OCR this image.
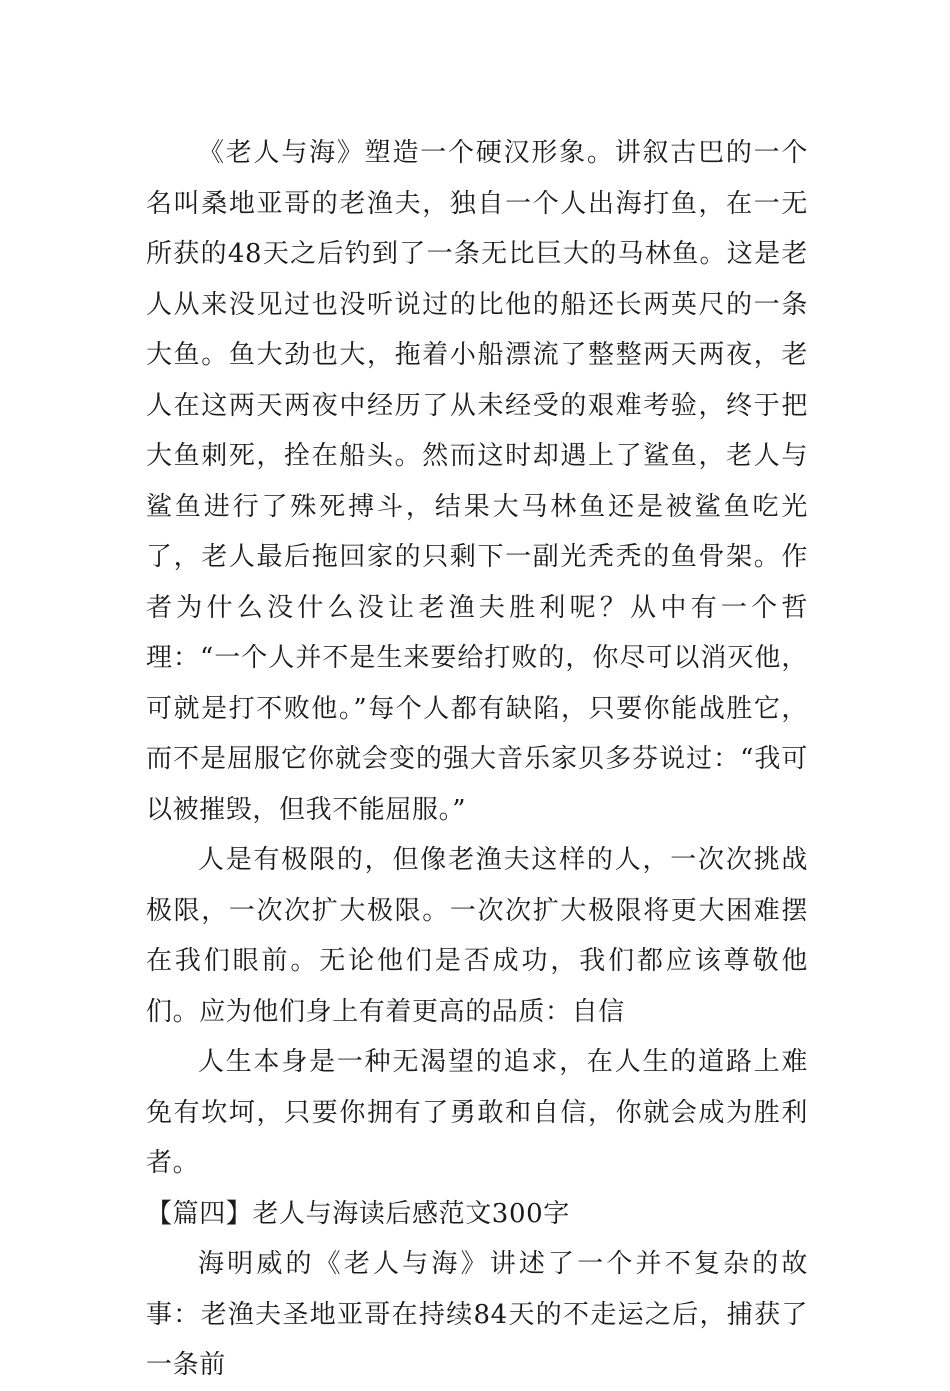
《老人与海》塑造一个硬汉形象。讲叙古巴的一个名叫桑地亚哥的老渔夫，独自一个人出海打鱼，在一无所获的48天之后钓到了一条无比巨大的马林鱼。这是老人从来没见过也没听说过的比他的船还长两英尺的一条大鱼。鱼大劲也大，拖着小船漂流了整整两天两夜，老人在这两天两夜中经历了从未经受的艰难考验，终于把大鱼刺死，拴在船头。然而这时却遇上了鲨鱼，老人与鲨鱼进行了殊死搏斗，结果大马林鱼还是被鲨鱼吃光了，老人最后拖回家的只剩下一副光秃秃的鱼骨架。作者为什么没什么没让老渔夫胜利呢？从中有一个哲理：“一个人并不是生来要给打败的，你尽可以消灭他，可就是打不败他。”每个人都有缺陷，只要你能战胜它，而不是屈服它你就会变的强大音乐家贝多芬说过：“我可以被摧毁，但我不能屈服。”

人是有极限的，但像老渔夫这样的人，一次次挑战极限，一次次扩大极限。一次次扩大极限将更大困难摆在我们眼前。无论他们是否成功，我们都应该尊敬他们。应为他们身上有着更高的品质：自信

人生本身是一种无渴望的追求，在人生的道路上难免有坎坷，只要你拥有了勇敢和自信，你就会成为胜利者。

【篇四】老人与海读后感范文300字

海明威的《老人与海》讲述了一个并不复杂的故事：老渔夫圣地亚哥在持续84天的不走运之后，捕获了一条前
